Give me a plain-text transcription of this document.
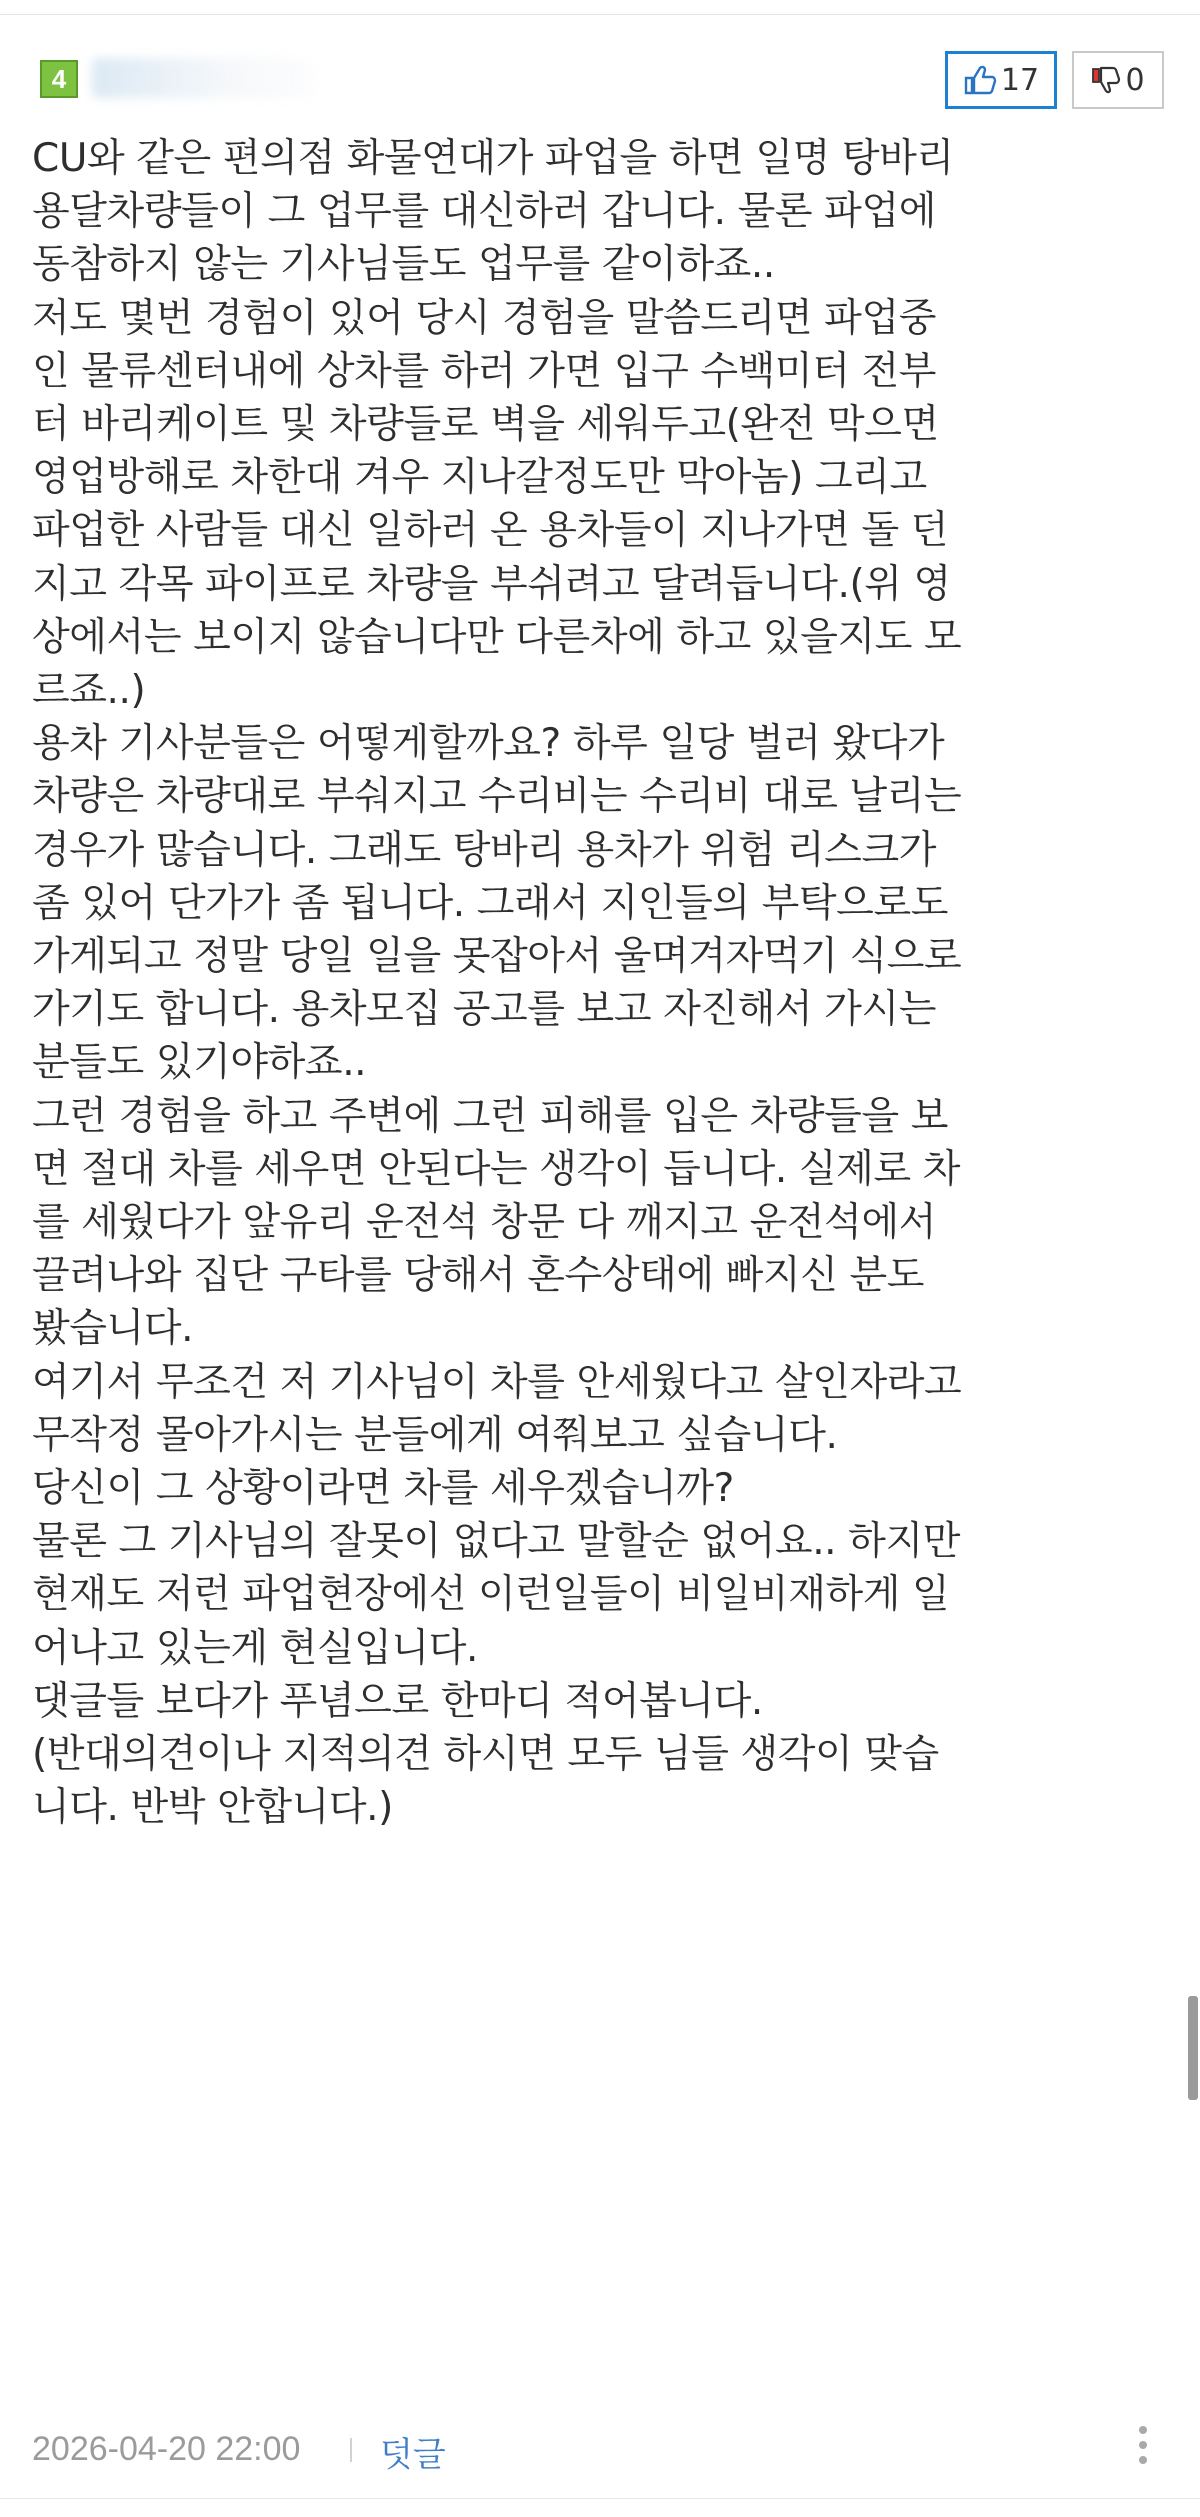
4	17	0
CU와 같은 편의점 화물연대가 파업을 하면 일명 탕바리
용달차량들이 그 업무를 대신하러 갑니다. 물론 파업에
동참하지 않는 기사님들도 업무를 같이하죠..
저도 몇번 경험이 있어 당시 경험을 말씀드리면 파업중
인 물류센터내에 상차를 하러 가면 입구 수백미터 전부
터 바리케이트 및 차량들로 벽을 세워두고(완전 막으면
영업방해로 차한대 겨우 지나갈정도만 막아놈) 그리고
파업한 사람들 대신 일하러 온 용차들이 지나가면 돌 던
지고 각목 파이프로 차량을 부쉬려고 달려듭니다.(위 영
상에서는 보이지 않습니다만 다른차에 하고 있을지도 모
르죠..)
용차 기사분들은 어떻게할까요? 하루 일당 벌러 왔다가
차량은 차량대로 부숴지고 수리비는 수리비 대로 날리는
경우가 많습니다. 그래도 탕바리 용차가 위험 리스크가
좀 있어 단가가 좀 됩니다. 그래서 지인들의 부탁으로도
가게되고 정말 당일 일을 못잡아서 울며겨자먹기 식으로
가기도 합니다. 용차모집 공고를 보고 자진해서 가시는
분들도 있기야하죠..
그런 경험을 하고 주변에 그런 피해를 입은 차량들을 보
면 절대 차를 세우면 안된다는 생각이 듭니다. 실제로 차
를 세웠다가 앞유리 운전석 창문 다 깨지고 운전석에서
끌려나와 집단 구타를 당해서 혼수상태에 빠지신 분도
봤습니다.
여기서 무조건 저 기사님이 차를 안세웠다고 살인자라고
무작정 몰아가시는 분들에게 여쭤보고 싶습니다.
당신이 그 상황이라면 차를 세우겠습니까?
물론 그 기사님의 잘못이 없다고 말할순 없어요.. 하지만
현재도 저런 파업현장에선 이런일들이 비일비재하게 일
어나고 있는게 현실입니다.
댓글들 보다가 푸념으로 한마디 적어봅니다.
(반대의견이나 지적의견 하시면 모두 님들 생각이 맞습
니다. 반박 안합니다.)
2026-04-20 22:00 덧글
